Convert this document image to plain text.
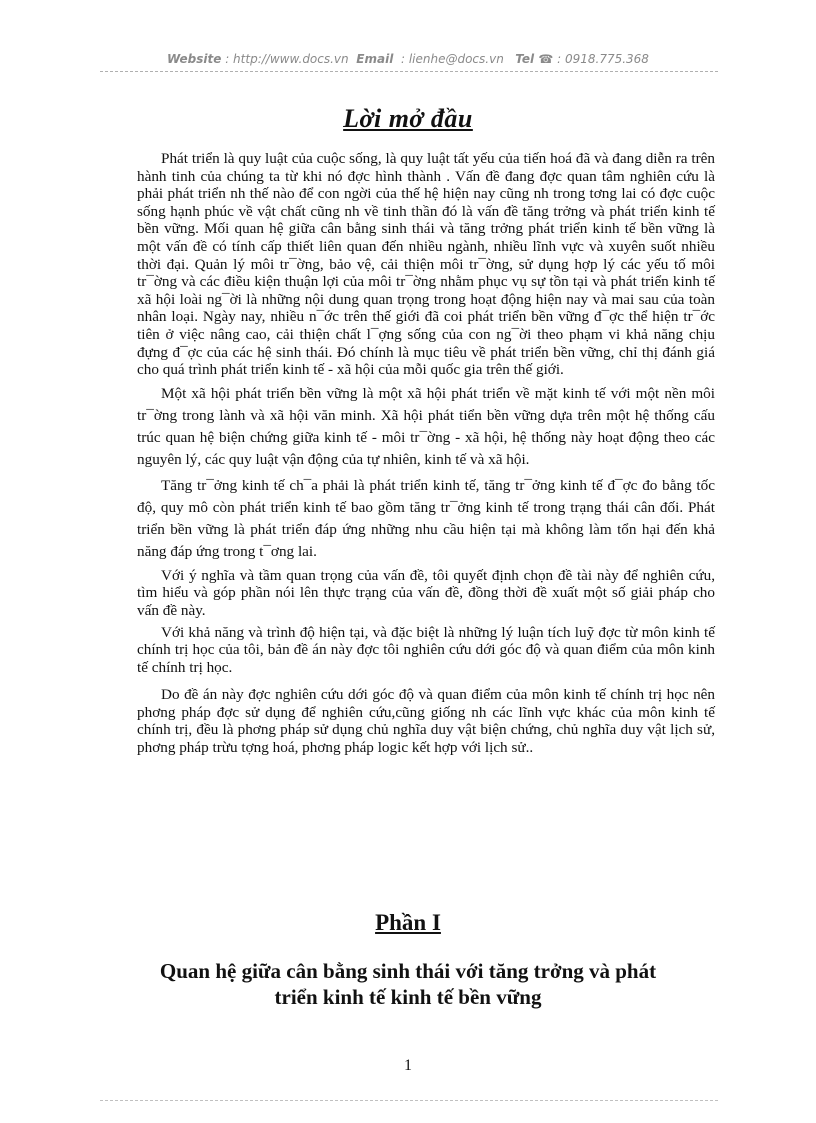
Website : http://www.docs.vn Email : lienhe@docs.vn Tel ☎ : 0918.775.368
Lời mở đầu

Phát triển là quy luật của cuộc sống, là quy luật tất yếu của tiến hoá đã và đang diễn ra trên hành tinh của chúng ta từ khi nó đợc hình thành . Vấn đề đang đợc quan tâm nghiên cứu là phải phát triển nh thế nào để con ngời của thế hệ hiện nay cũng nh trong tơng lai có đợc cuộc sống hạnh phúc về vật chất cũng nh về tinh thần đó là vấn đề tăng trởng và phát triển kinh tế bền vững. Mối quan hệ giữa cân bằng sinh thái và tăng trởng phát triển kinh tế bền vững là một vấn đề có tính cấp thiết liên quan đến nhiều ngành, nhiều lĩnh vực và xuyên suốt nhiều thời đại. Quản lý môi tr¯ờng, bảo vệ, cải thiện môi tr¯ờng, sử dụng hợp lý các yếu tố môi tr¯ờng và các điều kiện thuận lợi của môi tr¯ờng nhằm phục vụ sự tồn tại và phát triển kinh tế xã hội loài ng¯ời là những nội dung quan trọng trong hoạt động hiện nay và mai sau của toàn nhân loại. Ngày nay, nhiều n¯ớc trên thế giới đã coi phát triển bền vững đ¯ợc thể hiện tr¯ớc tiên ở việc nâng cao, cải thiện chất l¯ợng sống của con ng¯ời theo phạm vi khả năng chịu đựng đ¯ợc của các hệ sinh thái. Đó chính là mục tiêu về phát triển bền vững, chỉ thị đánh giá cho quá trình phát triển kinh tế - xã hội của mỗi quốc gia trên thế giới.

Một xã hội phát triển bền vững là một xã hội phát triển về mặt kinh tế với một nền môi tr¯ờng trong lành và xã hội văn minh. Xã hội phát tiển bền vững dựa trên một hệ thống cấu trúc quan hệ biện chứng giữa kinh tế - môi tr¯ờng - xã hội, hệ thống này hoạt động theo các nguyên lý, các quy luật vận động của tự nhiên, kinh tế và xã hội.

Tăng tr¯ởng kinh tế ch¯a phải là phát triển kinh tế, tăng tr¯ởng kinh tế đ¯ợc đo bằng tốc độ, quy mô còn phát triển kinh tế bao gồm tăng tr¯ởng kinh tế trong trạng thái cân đối. Phát triển bền vững là phát triển đáp ứng những nhu cầu hiện tại mà không làm tổn hại đến khả năng đáp ứng trong t¯ơng lai.

Với ý nghĩa và tầm quan trọng của vấn đề, tôi quyết định chọn đề tài này để nghiên cứu, tìm hiểu và góp phần nói lên thực trạng của vấn đề, đồng thời đề xuất một số giải pháp cho vấn đề này.

Với khả năng và trình độ hiện tại, và đặc biệt là những lý luận tích luỹ đợc từ môn kinh tế chính trị học của tôi, bản đề án này đợc tôi nghiên cứu dới góc độ và quan điểm của môn kinh tế chính trị học.

Do đề án này đợc nghiên cứu dới góc độ và quan điểm của môn kinh tế chính trị học nên phơng pháp đợc sử dụng để nghiên cứu,cũng giống nh các lĩnh vực khác của môn kinh tế chính trị, đều là phơng pháp sử dụng chủ nghĩa duy vật biện chứng, chủ nghĩa duy vật lịch sử, phơng pháp trừu tợng hoá, phơng pháp logic kết hợp với lịch sử..

Phần I
Quan hệ giữa cân bằng sinh thái với tăng trởng và phát triển kinh tế kinh tế bền vững
1
